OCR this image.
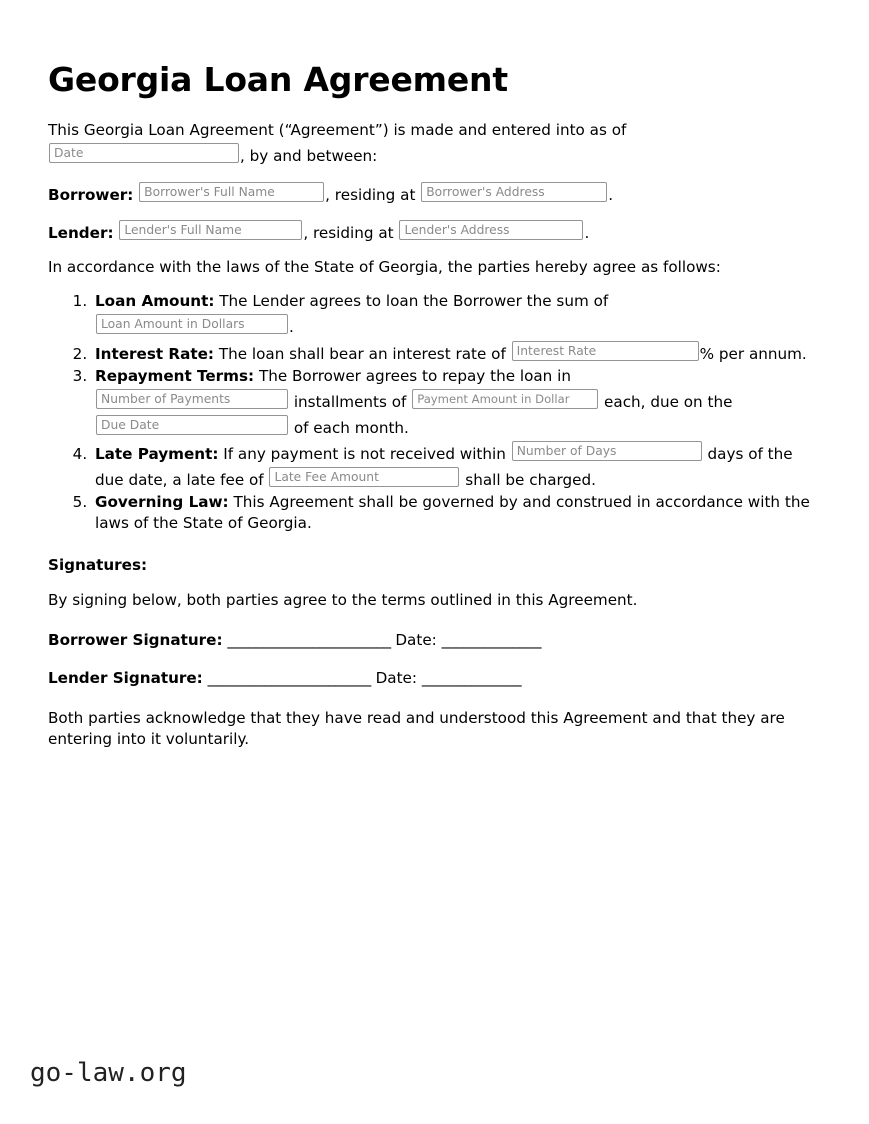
Georgia Loan Agreement

This Georgia Loan Agreement (“Agreement”) is made and entered into as of
Date	, by and between:

Borrower: Borrower's Full Name	, residing at Borrower's Address	.

Lender: Lender's Full Name	, residing at Lender's Address	.

In accordance with the laws of the State of Georgia, the parties hereby agree as follows:

1. Loan Amount: The Lender agrees to loan the Borrower the sum of
Loan Amount in Dollars	.
2. Interest Rate: The loan shall bear an interest rate of Interest Rate	% per annum.
3. Repayment Terms: The Borrower agrees to repay the loan in
Number of Payments	installments of Payment Amount in Dollar each, due on the
Due Date	of each month.
4. Late Payment: If any payment is not received within Number of Days	days of the due date, a late fee of Late Fee Amount	shall be charged.
5. Governing Law: This Agreement shall be governed by and construed in accordance with the laws of the State of Georgia.

Signatures:

By signing below, both parties agree to the terms outlined in this Agreement.

Borrower Signature: _______________________ Date: ______________

Lender Signature: _______________________ Date: ______________

Both parties acknowledge that they have read and understood this Agreement and that they are entering into it voluntarily.

go-law.org
